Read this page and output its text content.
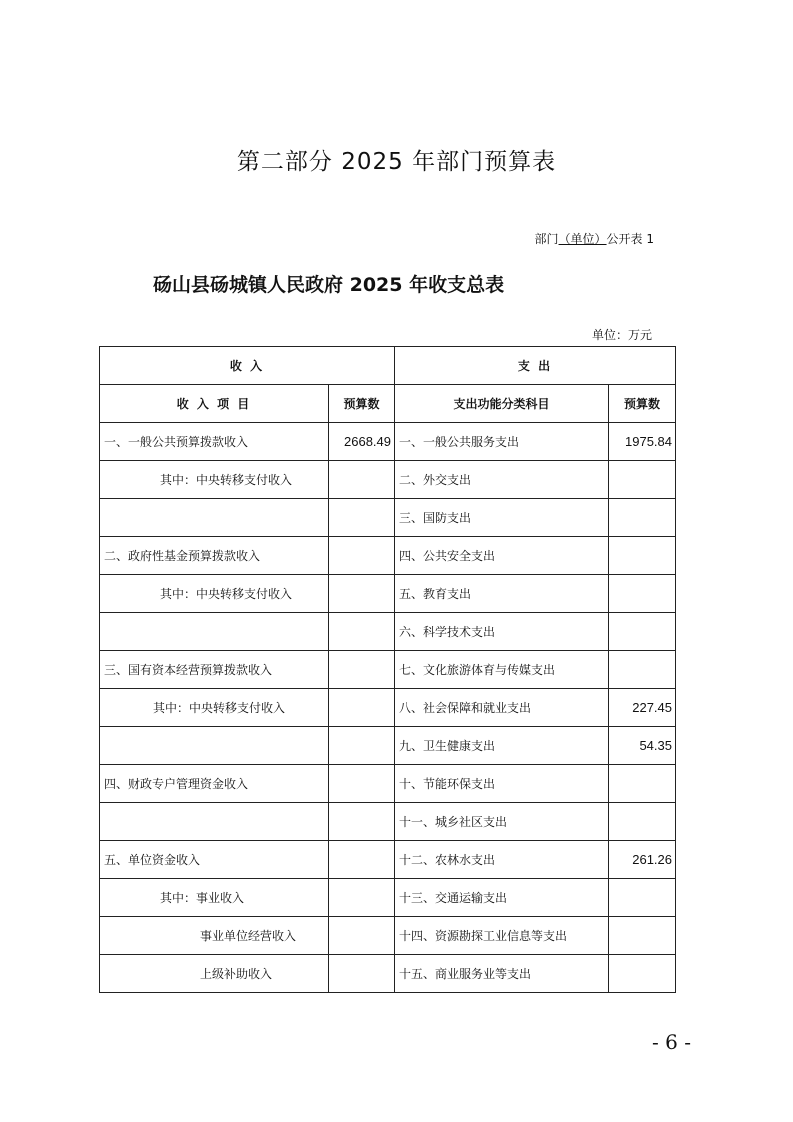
第二部分 2025 年部门预算表
部门（单位）公开表 1
砀山县砀城镇人民政府 2025 年收支总表
单位：万元
收 入		支 出	
收 入 项 目	预算数	支出功能分类科目	预算数
一、一般公共预算拨款收入	2668.49	一、一般公共服务支出	1975.84
其中：中央转移支付收入		二、外交支出	
		三、国防支出	
二、政府性基金预算拨款收入		四、公共安全支出	
其中：中央转移支付收入		五、教育支出	
		六、科学技术支出	
三、国有资本经营预算拨款收入		七、文化旅游体育与传媒支出	
其中：中央转移支付收入		八、社会保障和就业支出	227.45
		九、卫生健康支出	54.35
四、财政专户管理资金收入		十、节能环保支出	
		十一、城乡社区支出	
五、单位资金收入		十二、农林水支出	261.26
其中：事业收入		十三、交通运输支出	
事业单位经营收入		十四、资源勘探工业信息等支出	
上级补助收入		十五、商业服务业等支出	
- 6 -
